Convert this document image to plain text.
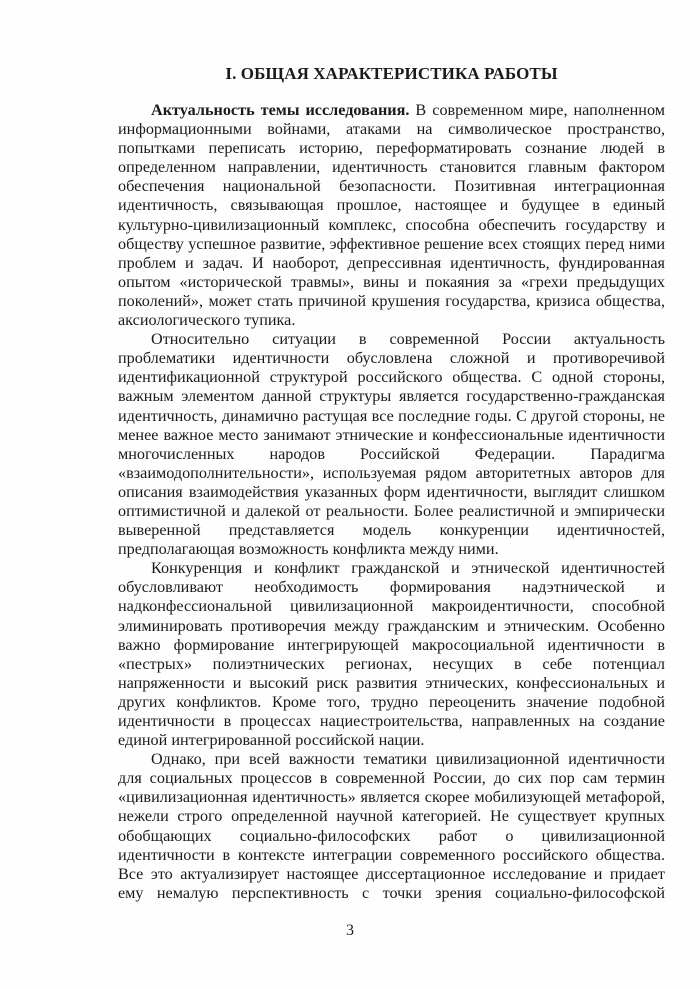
I. ОБЩАЯ ХАРАКТЕРИСТИКА РАБОТЫ
Актуальность темы исследования. В современном мире, наполненном
информационными войнами, атаками на символическое пространство,
попытками переписать историю, переформатировать сознание людей в
определенном направлении, идентичность становится главным фактором
обеспечения национальной безопасности. Позитивная интеграционная
идентичность, связывающая прошлое, настоящее и будущее в единый
культурно-цивилизационный комплекс, способна обеспечить государству и
обществу успешное развитие, эффективное решение всех стоящих перед ними
проблем и задач. И наоборот, депрессивная идентичность, фундированная
опытом «исторической травмы», вины и покаяния за «грехи предыдущих
поколений», может стать причиной крушения государства, кризиса общества,
аксиологического тупика.
Относительно ситуации в современной России актуальность
проблематики идентичности обусловлена сложной и противоречивой
идентификационной структурой российского общества. С одной стороны,
важным элементом данной структуры является государственно-гражданская
идентичность, динамично растущая все последние годы. С другой стороны, не
менее важное место занимают этнические и конфессиональные идентичности
многочисленных народов Российской Федерации. Парадигма
«взаимодополнительности», используемая рядом авторитетных авторов для
описания взаимодействия указанных форм идентичности, выглядит слишком
оптимистичной и далекой от реальности. Более реалистичной и эмпирически
выверенной представляется модель конкуренции идентичностей,
предполагающая возможность конфликта между ними.
Конкуренция и конфликт гражданской и этнической идентичностей
обусловливают необходимость формирования надэтнической и
надконфессиональной цивилизационной макроидентичности, способной
элиминировать противоречия между гражданским и этническим. Особенно
важно формирование интегрирующей макросоциальной идентичности в
«пестрых» полиэтнических регионах, несущих в себе потенциал
напряженности и высокий риск развития этнических, конфессиональных и
других конфликтов. Кроме того, трудно переоценить значение подобной
идентичности в процессах нациестроительства, направленных на создание
единой интегрированной российской нации.
Однако, при всей важности тематики цивилизационной идентичности
для социальных процессов в современной России, до сих пор сам термин
«цивилизационная идентичность» является скорее мобилизующей метафорой,
нежели строго определенной научной категорией. Не существует крупных
обобщающих социально-философских работ о цивилизационной
идентичности в контексте интеграции современного российского общества.
Все это актуализирует настоящее диссертационное исследование и придает
ему немалую перспективность с точки зрения социально-философской
3
